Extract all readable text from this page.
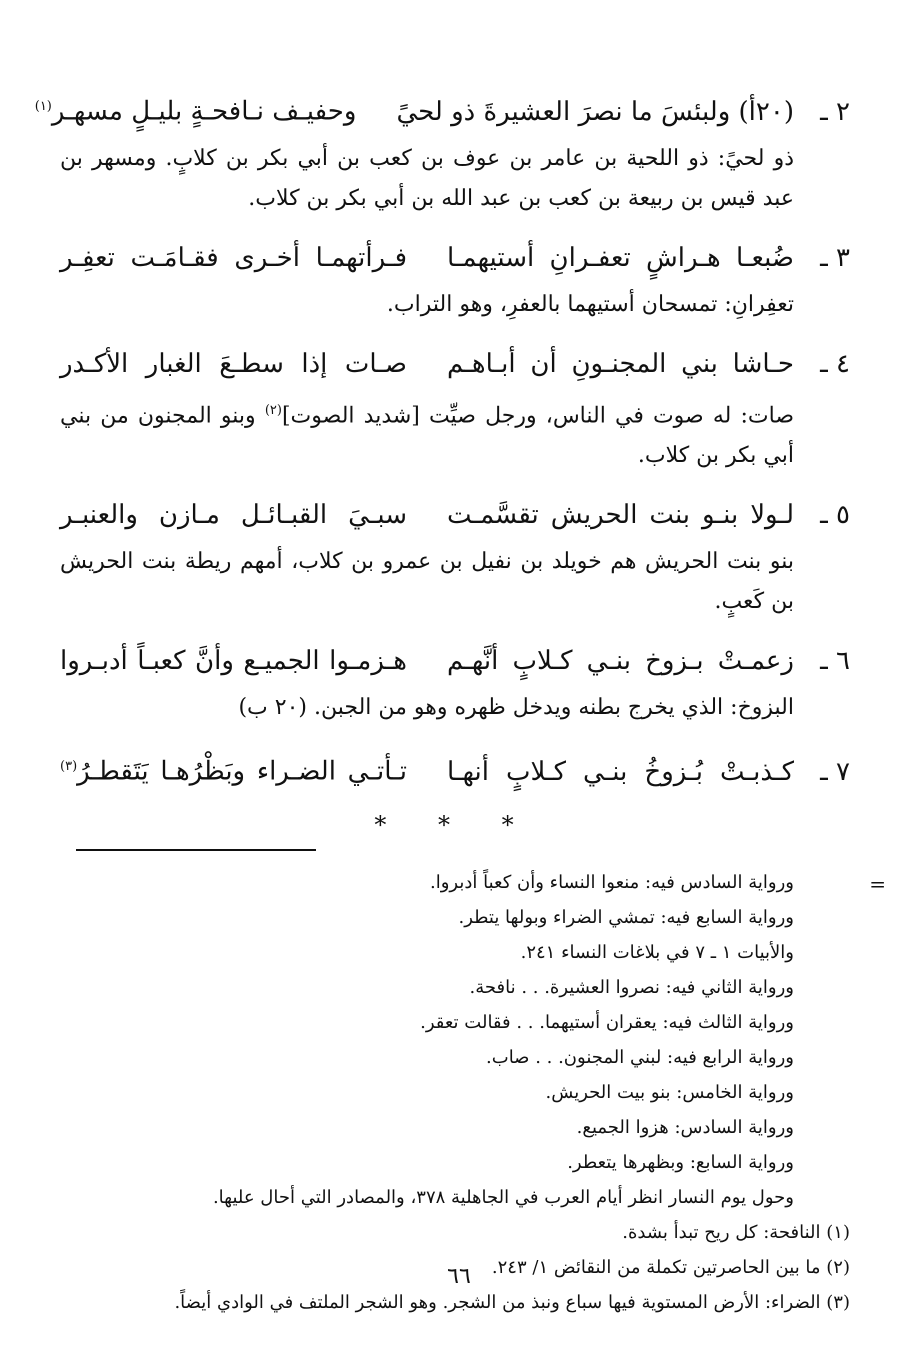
٢ ـ
(٢٠أ) ولبئسَ ما نصرَ العشيرةَ ذو لحيً
وحفيـف نـافحـةٍ بليـلٍ مسهـر$^{(١)}$
ذو لحيً: ذو اللحية بن عامر بن عوف بن كعب بن أبي بكر بن كلابٍ. ومسهر بن عبد قيس بن ربيعة بن كعب بن عبد الله بن أبي بكر بن كلاب.
٣ ـ
ضُبعـا هـراشٍ تعفـرانِ أستيهمـا
فـرأتهمـا أخـرى فقـامَـت تعفِـر
تعفِرانِ: تمسحان أستيهما بالعفرِ، وهو التراب.
٤ ـ
حـاشا بني المجنـونِ أن أبـاهـم
صـات إذا سطـعَ الغبار الأكـدر
صات: له صوت في الناس، ورجل صيِّت [شديد الصوت]$^{(٢)}$ وبنو المجنون من بني أبي بكر بن كلاب.
٥ ـ
لـولا بنـو بنت الحريش تقسَّمـت
سبـيَ القبـائـل مـازن والعنبـر
بنو بنت الحريش هم خويلد بن نفيل بن عمرو بن كلاب، أمهم ريطة بنت الحريش بن كَعبٍ.
٦ ـ
زعمـتْ بـزوخ بنـي كـلابٍ أنَّهـم
هـزمـوا الجميـع وأنَّ كعبـاً أدبـروا
البزوخ: الذي يخرج بطنه ويدخل ظهره وهو من الجبن. (٢٠ ب)
٧ ـ
كـذبـتْ بُـزوخُ بنـي كـلابٍ أنهـا
تـأتـي الضـراء وبَظْرُهـا يَتَقطـرُ$^{(٣)}$
* * *
=
ورواية السادس فيه: منعوا النساء وأن كعباً أدبروا.
ورواية السابع فيه: تمشي الضراء وبولها يتطر.
والأبيات ١ ـ ٧ في بلاغات النساء ٢٤١.
ورواية الثاني فيه: نصروا العشيرة. . . نافحة.
ورواية الثالث فيه: يعقران أستيهما. . . فقالت تعقر.
ورواية الرابع فيه: لبني المجنون. . . صاب.
ورواية الخامس: بنو بيت الحريش.
ورواية السادس: هزوا الجميع.
ورواية السابع: وبظهرها يتعطر.
وحول يوم النسار انظر أيام العرب في الجاهلية ٣٧٨، والمصادر التي أحال عليها.
(١) النافحة: كل ريح تبدأ بشدة.
(٢) ما بين الحاصرتين تكملة من النقائض ١/ ٢٤٣.
(٣) الضراء: الأرض المستوية فيها سباع ونبذ من الشجر. وهو الشجر الملتف في الوادي أيضاً.
٦٦
